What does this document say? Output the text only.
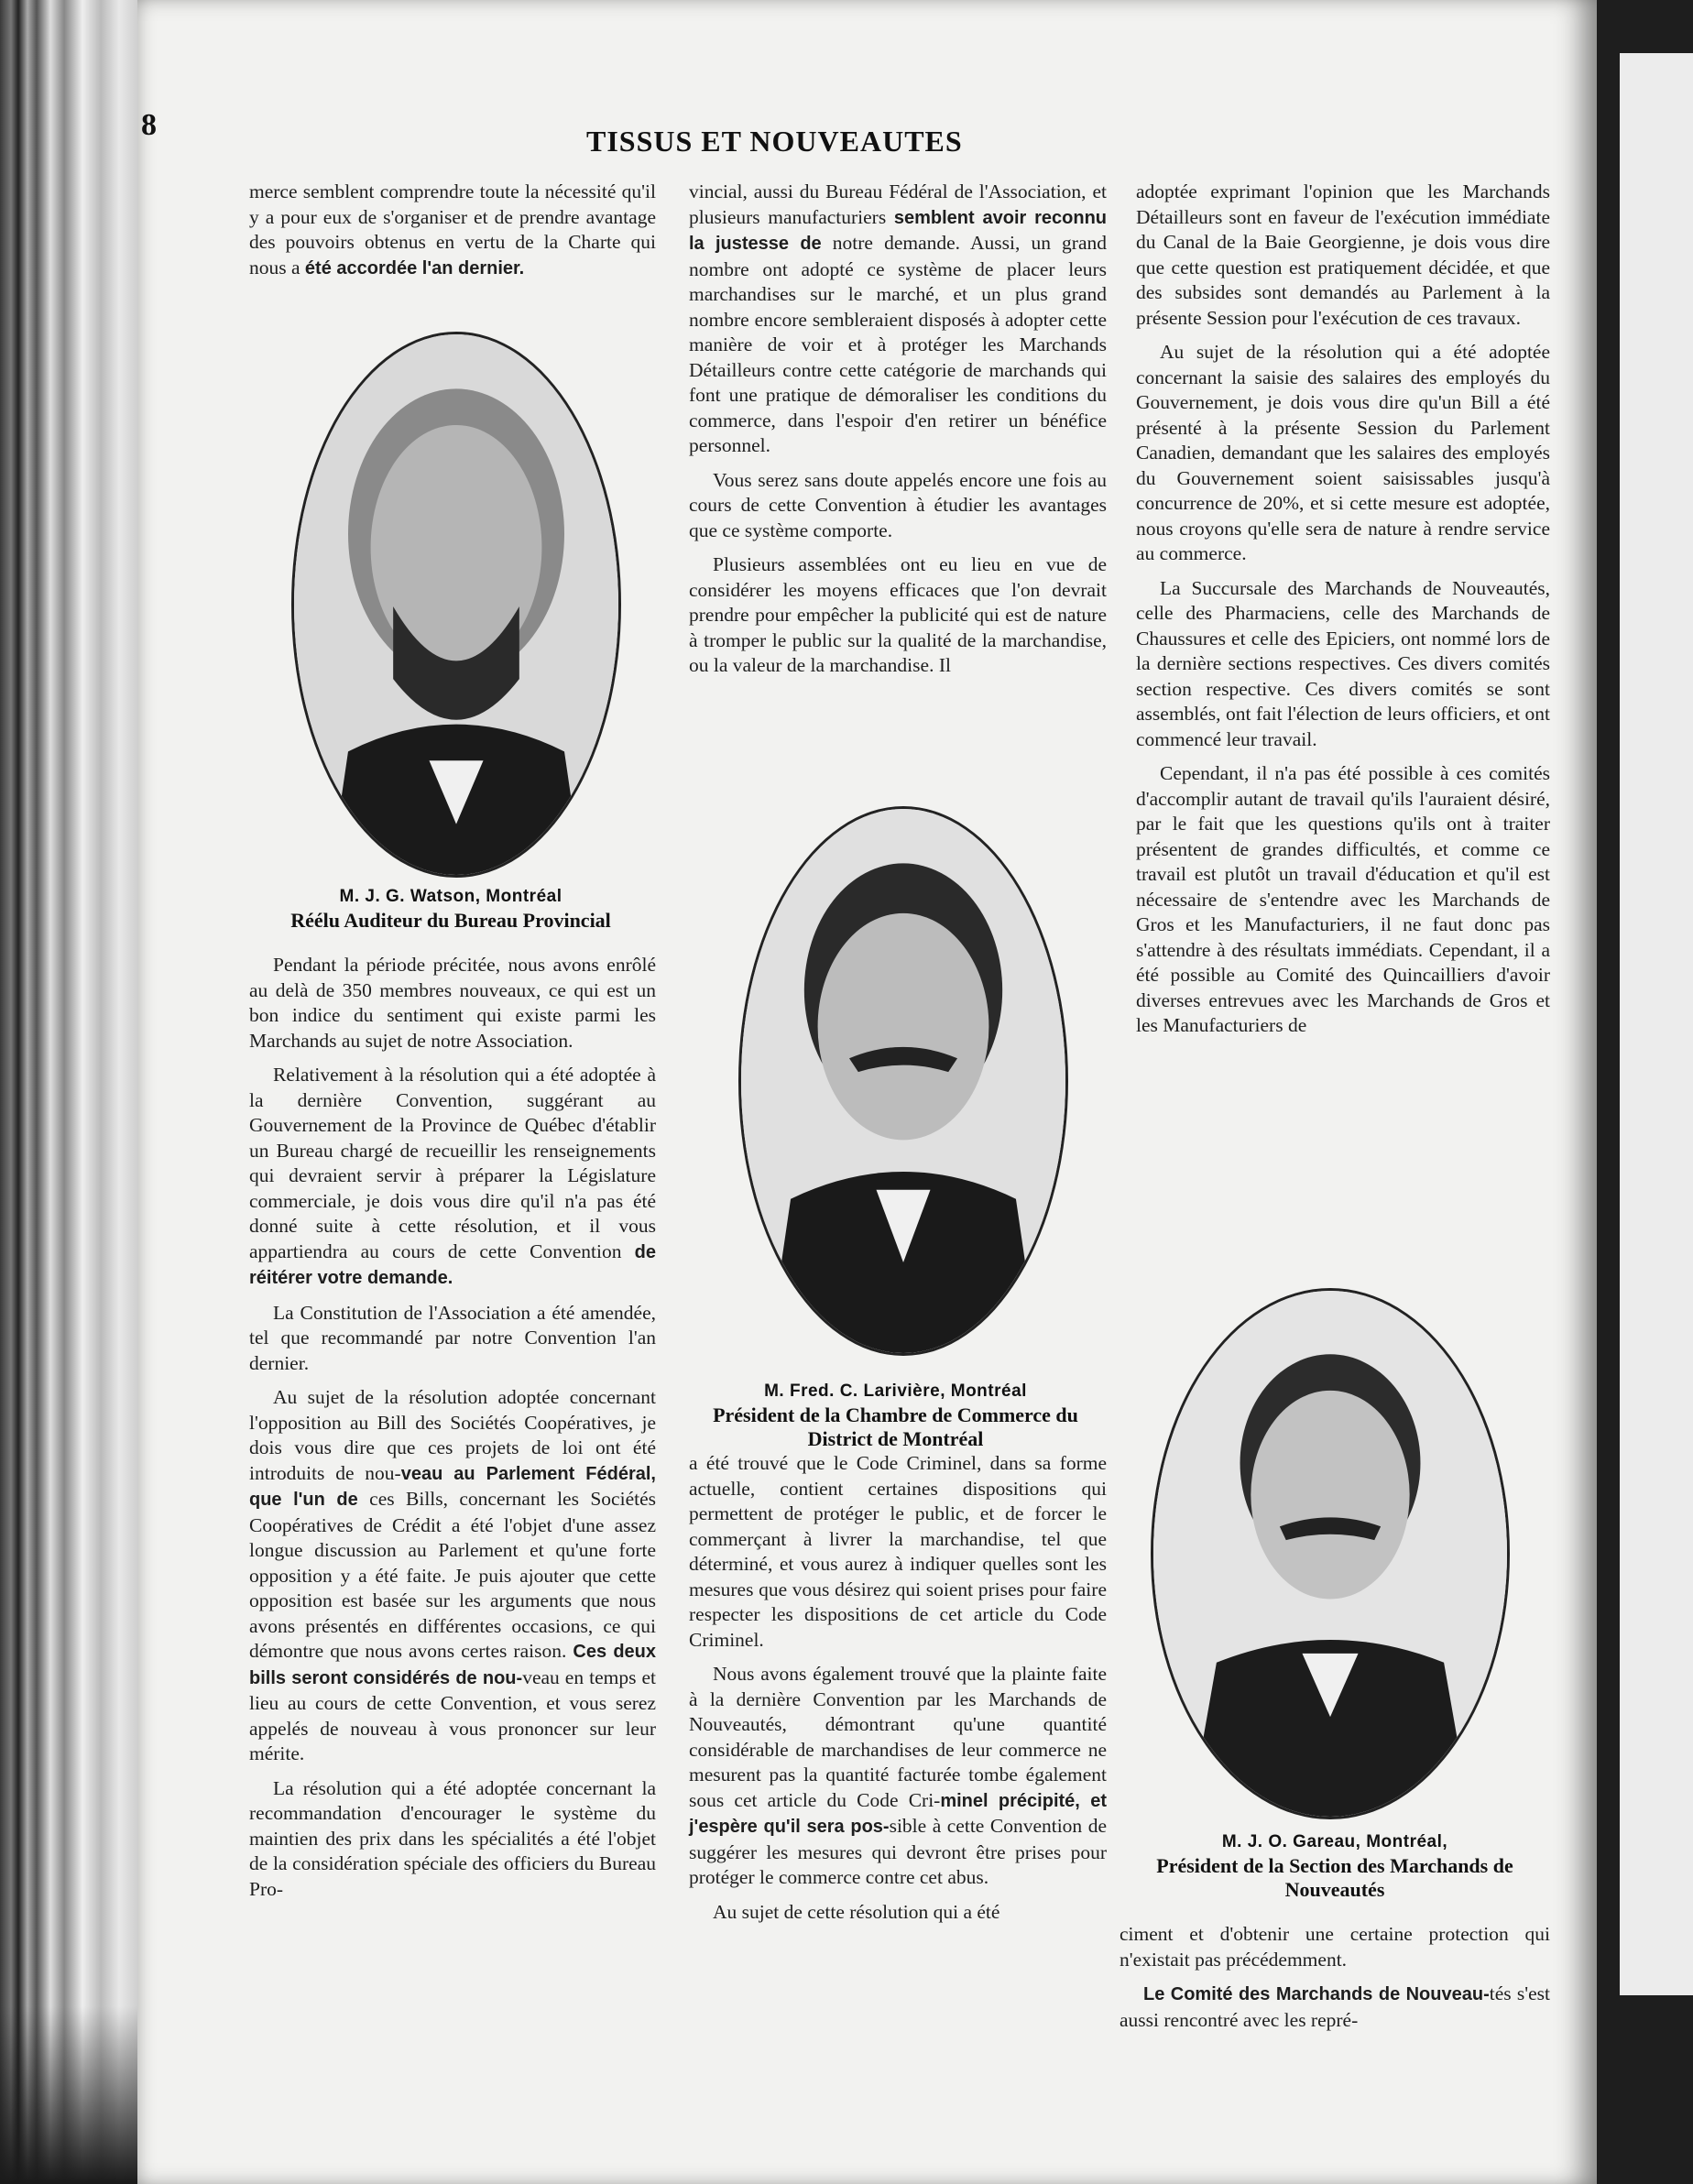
8	TISSUS ET NOUVEAUTES

merce semblent comprendre toute la nécessité qu'il y a pour eux de s'organiser et de prendre avantage des pouvoirs obtenus en vertu de la Charte qui nous a été accordée l'an dernier.

M. J. G. Watson, Montréal
Réélu Auditeur du Bureau Provincial

Pendant la période précitée, nous avons enrôlé au delà de 350 membres nouveaux, ce qui est un bon indice du sentiment qui existe parmi les Marchands au sujet de notre Association.

Relativement à la résolution qui a été adoptée à la dernière Convention, suggérant au Gouvernement de la Province de Québec d'établir un Bureau chargé de recueillir les renseignements qui devraient servir à préparer la Législature commerciale, je dois vous dire qu'il n'a pas été donné suite à cette résolution, et il vous appartiendra au cours de cette Convention de réitérer votre demande.

La Constitution de l'Association a été amendée, tel que recommandé par notre Convention l'an dernier.

Au sujet de la résolution adoptée concernant l'opposition au Bill des Sociétés Coopératives, je dois vous dire que ces projets de loi ont été introduits de nou-veau au Parlement Fédéral, que l'un de ces Bills, concernant les Sociétés Coopératives de Crédit a été l'objet d'une assez longue discussion au Parlement et qu'une forte opposition y a été faite. Je puis ajouter que cette opposition est basée sur les arguments que nous avons présentés en différentes occasions, ce qui démontre que nous avons certes raison. Ces deux bills seront considérés de nou-veau en temps et lieu au cours de cette Convention, et vous serez appelés de nouveau à vous prononcer sur leur mérite.

La résolution qui a été adoptée concernant la recommandation d'encourager le système du maintien des prix dans les spécialités a été l'objet de la considération spéciale des officiers du Bureau Pro-

vincial, aussi du Bureau Fédéral de l'Association, et plusieurs manufacturiers semblent avoir reconnu la justesse de notre demande. Aussi, un grand nombre ont adopté ce système de placer leurs marchandises sur le marché, et un plus grand nombre encore sembleraient disposés à adopter cette manière de voir et à protéger les Marchands Détailleurs contre cette catégorie de marchands qui font une pratique de démoraliser les conditions du commerce, dans l'espoir d'en retirer un bénéfice personnel.

Vous serez sans doute appelés encore une fois au cours de cette Convention à étudier les avantages que ce système comporte.

Plusieurs assemblées ont eu lieu en vue de considérer les moyens efficaces que l'on devrait prendre pour empêcher la publicité qui est de nature à tromper le public sur la qualité de la marchandise, ou la valeur de la marchandise. Il

M. Fred. C. Larivière, Montréal
Président de la Chambre de Commerce du District de Montréal

a été trouvé que le Code Criminel, dans sa forme actuelle, contient certaines dispositions qui permettent de protéger le public, et de forcer le commerçant à livrer la marchandise, tel que déterminé, et vous aurez à indiquer quelles sont les mesures que vous désirez qui soient prises pour faire respecter les dispositions de cet article du Code Criminel.

Nous avons également trouvé que la plainte faite à la dernière Convention par les Marchands de Nouveautés, démontrant qu'une quantité considérable de marchandises de leur commerce ne mesurent pas la quantité facturée tombe également sous cet article du Code Cri-minel précipité, et j'espère qu'il sera pos-sible à cette Convention de suggérer les mesures qui devront être prises pour protéger le commerce contre cet abus.

Au sujet de cette résolution qui a été

adoptée exprimant l'opinion que les Marchands Détailleurs sont en faveur de l'exécution immédiate du Canal de la Baie Georgienne, je dois vous dire que cette question est pratiquement décidée, et que des subsides sont demandés au Parlement à la présente Session pour l'exécution de ces travaux.

Au sujet de la résolution qui a été adoptée concernant la saisie des salaires des employés du Gouvernement, je dois vous dire qu'un Bill a été présenté à la présente Session du Parlement Canadien, demandant que les salaires des employés du Gouvernement soient saisissables jusqu'à concurrence de 20%, et si cette mesure est adoptée, nous croyons qu'elle sera de nature à rendre service au commerce.

La Succursale des Marchands de Nouveautés, celle des Pharmaciens, celle des Marchands de Chaussures et celle des Epiciers, ont nommé lors de la dernière sections respectives. Ces divers comités section respective. Ces divers comités se sont assemblés, ont fait l'élection de leurs officiers, et ont commencé leur travail.

Cependant, il n'a pas été possible à ces comités d'accomplir autant de travail qu'ils l'auraient désiré, par le fait que les questions qu'ils ont à traiter présentent de grandes difficultés, et comme ce travail est plutôt un travail d'éducation et qu'il est nécessaire de s'entendre avec les Marchands de Gros et les Manufacturiers, il ne faut donc pas s'attendre à des résultats immédiats. Cependant, il a été possible au Comité des Quincailliers d'avoir diverses entrevues avec les Marchands de Gros et les Manufacturiers de

M. J. O. Gareau, Montréal,
Président de la Section des Marchands de Nouveautés

ciment et d'obtenir une certaine protection qui n'existait pas précédemment.

Le Comité des Marchands de Nouveau-tés s'est aussi rencontré avec les repré-
